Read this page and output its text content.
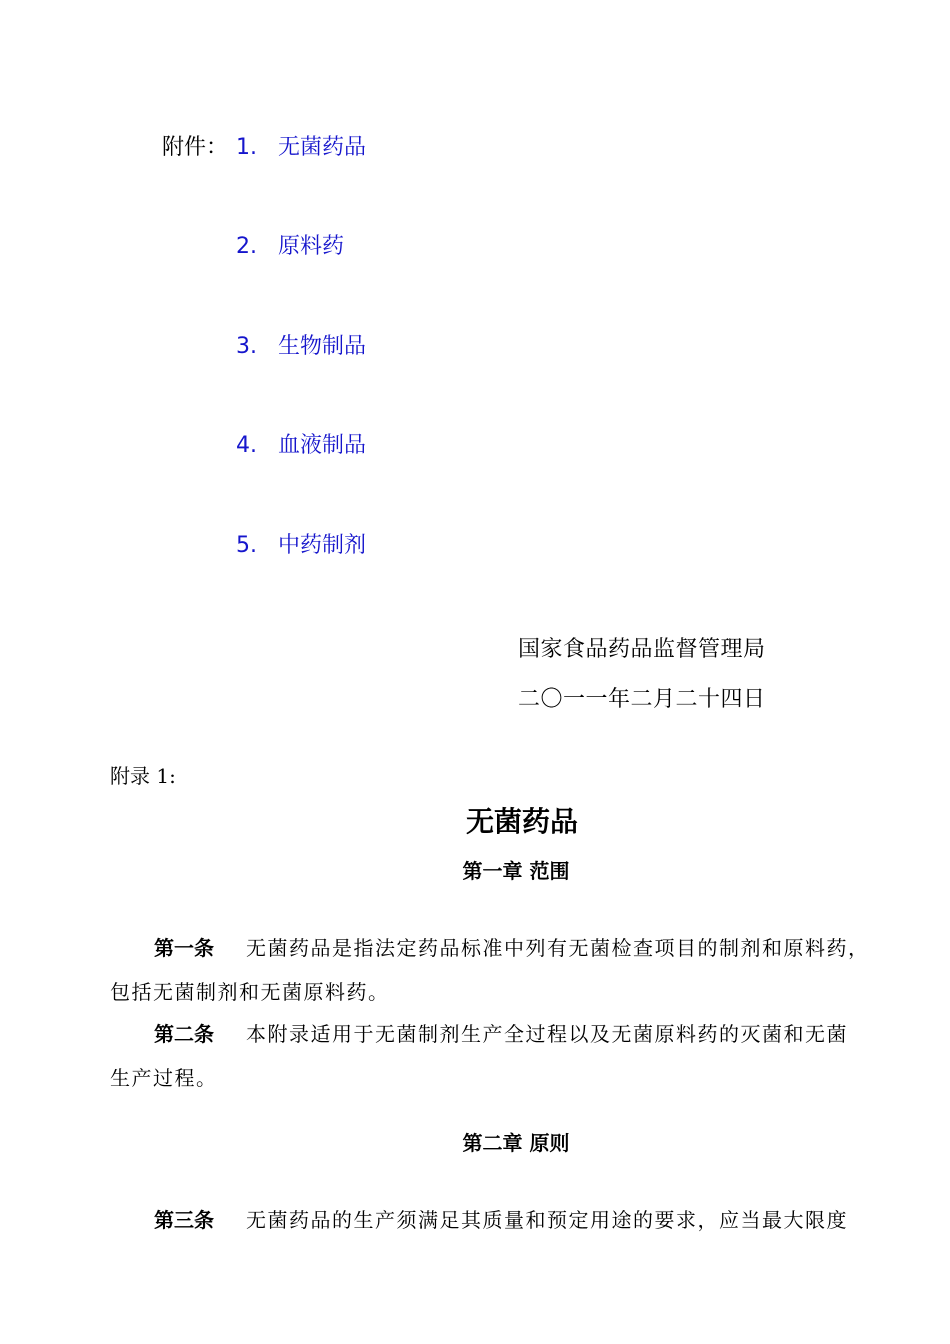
附件： 1. 无菌药品
2. 原料药
3. 生物制品
4. 血液制品
5. 中药制剂
国家食品药品监督管理局
二〇一一年二月二十四日
附录 1:
无菌药品
第一章 范围
第一条 无菌药品是指法定药品标准中列有无菌检查项目的制剂和原料药，
包括无菌制剂和无菌原料药。
第二条 本附录适用于无菌制剂生产全过程以及无菌原料药的灭菌和无菌
生产过程。
第二章 原则
第三条 无菌药品的生产须满足其质量和预定用途的要求，应当最大限度
